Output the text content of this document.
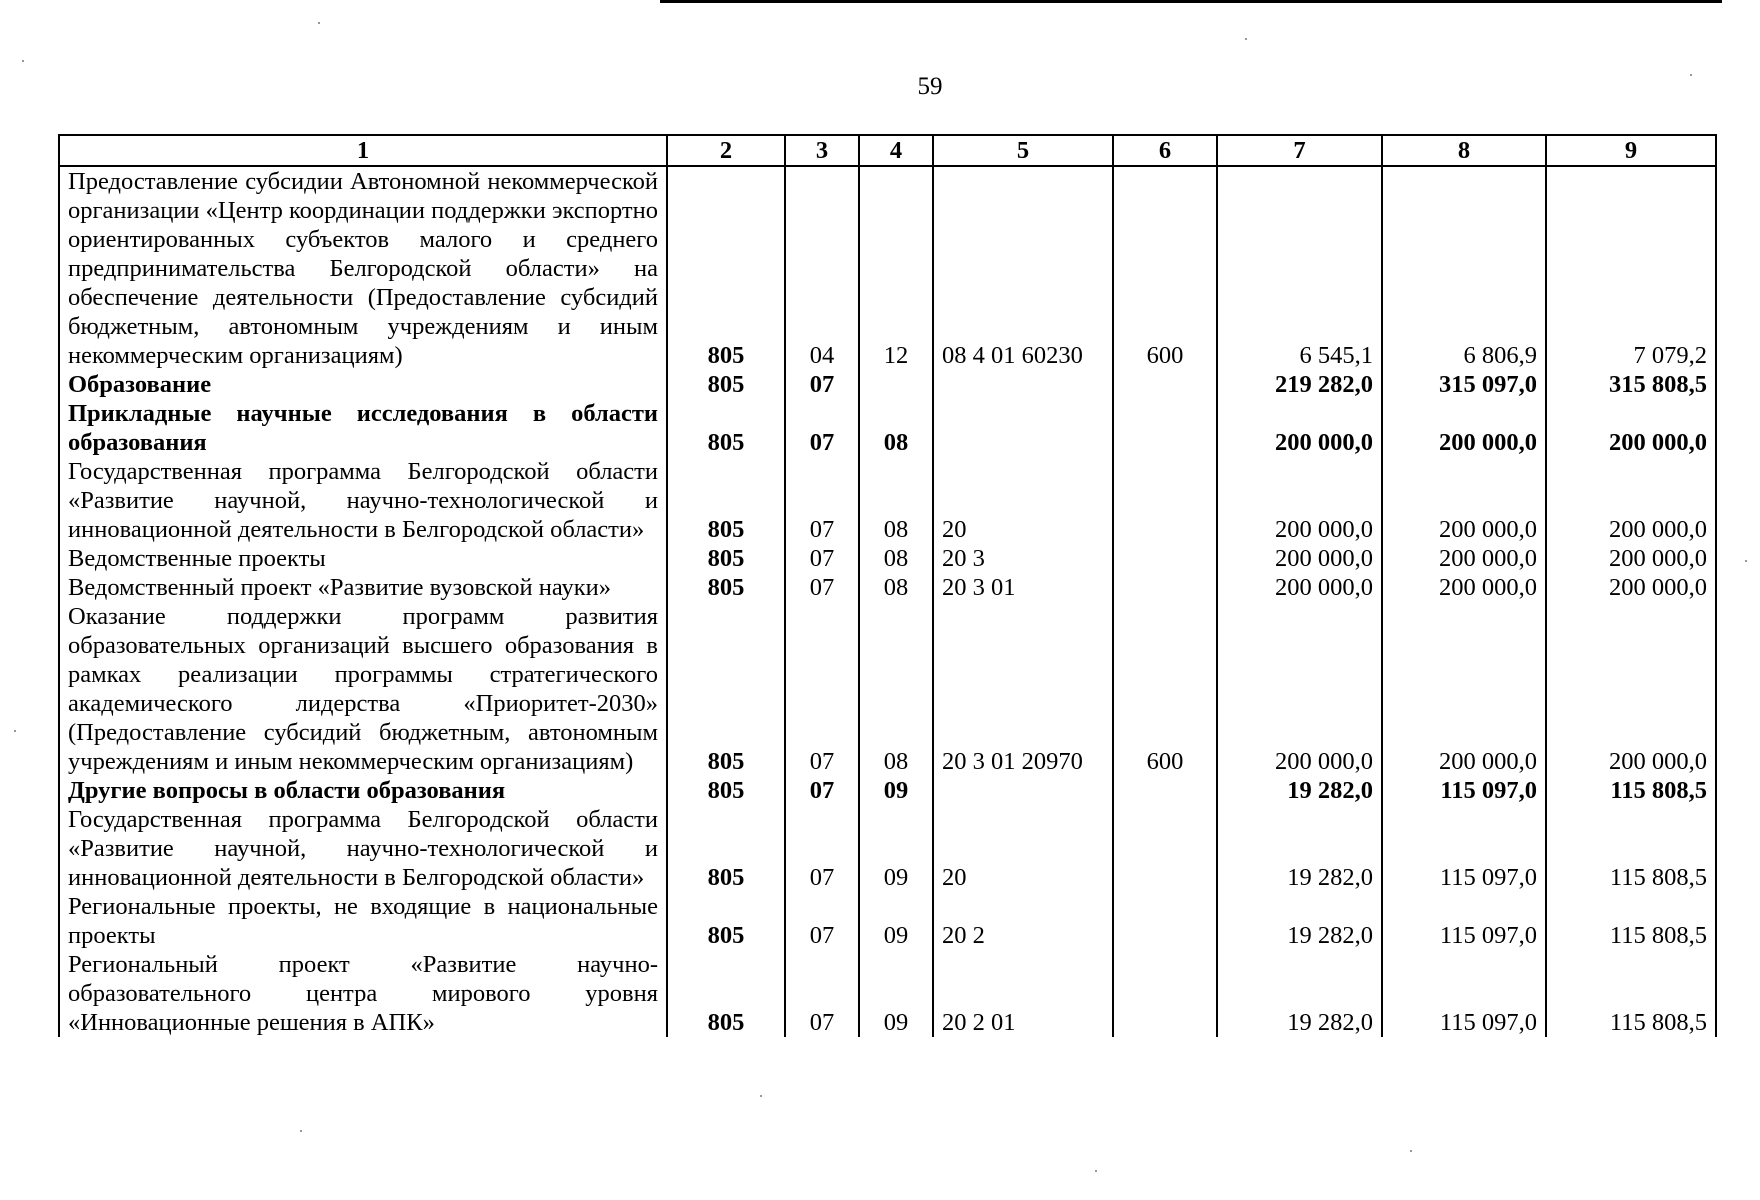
59
1	2	3	4	5	6	7	8	9
Предоставление субсидии Автономной некоммерческой организации «Центр координации поддержки экспортно ориентированных субъектов малого и среднего предпринимательства Белгородской области» на обеспечение деятельности (Предоставление субсидий бюджетным, автономным учреждениям и иным некоммерческим организациям)	805	04	12	08 4 01 60230	600	6 545,1	6 806,9	7 079,2
Образование	805	07				219 282,0	315 097,0	315 808,5
Прикладные научные исследования в области образования	805	07	08			200 000,0	200 000,0	200 000,0
Государственная программа Белгородской области «Развитие научной, научно-технологической и инновационной деятельности в Белгородской области»	805	07	08	20		200 000,0	200 000,0	200 000,0
Ведомственные проекты	805	07	08	20 3		200 000,0	200 000,0	200 000,0
Ведомственный проект «Развитие вузовской науки»	805	07	08	20 3 01		200 000,0	200 000,0	200 000,0
Оказание поддержки программ развития образовательных организаций высшего образования в рамках реализации программы стратегического академического лидерства «Приоритет-2030» (Предоставление субсидий бюджетным, автономным учреждениям и иным некоммерческим организациям)	805	07	08	20 3 01 20970	600	200 000,0	200 000,0	200 000,0
Другие вопросы в области образования	805	07	09			19 282,0	115 097,0	115 808,5
Государственная программа Белгородской области «Развитие научной, научно-технологической и инновационной деятельности в Белгородской области»	805	07	09	20		19 282,0	115 097,0	115 808,5
Региональные проекты, не входящие в национальные проекты	805	07	09	20 2		19 282,0	115 097,0	115 808,5
Региональный проект «Развитие научно-образовательного центра мирового уровня «Инновационные решения в АПК»	805	07	09	20 2 01		19 282,0	115 097,0	115 808,5
